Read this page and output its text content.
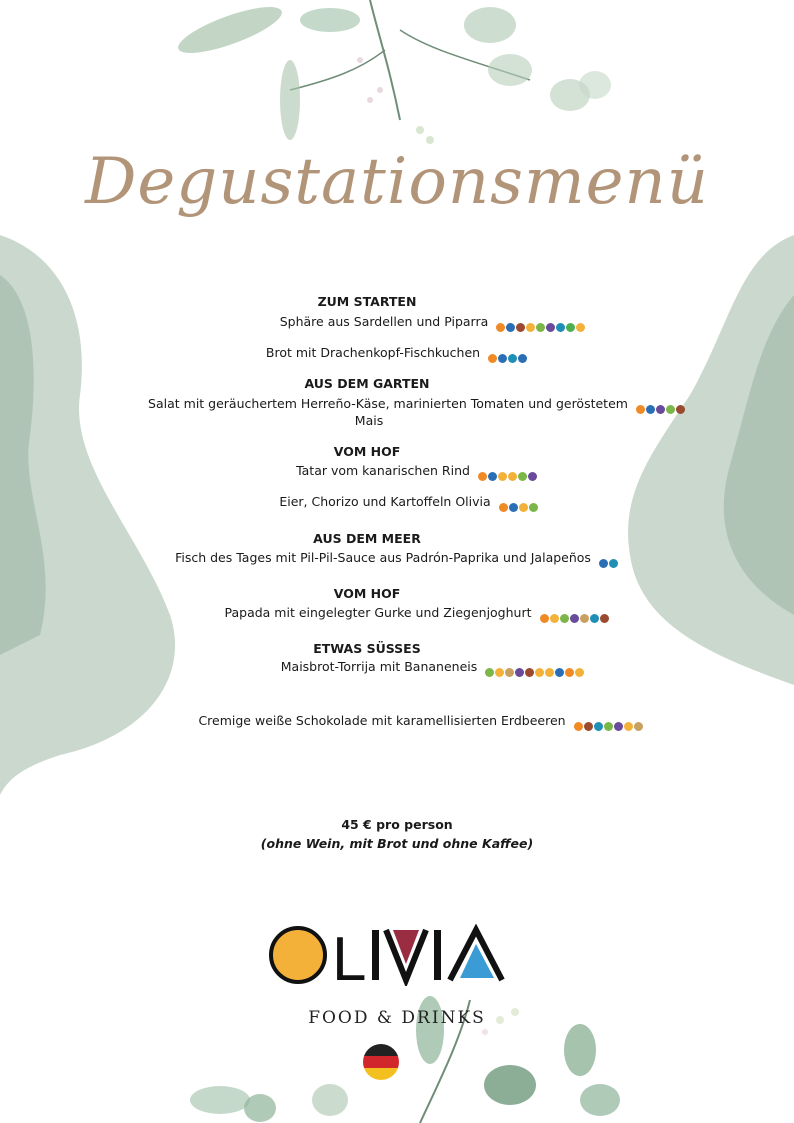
Degustationsmenü
ZUM STARTEN
Sphäre aus Sardellen und Piparra
Brot mit Drachenkopf-Fischkuchen
AUS DEM GARTEN
Salat mit geräuchertem Herreño-Käse, marinierten Tomaten und geröstetem
Mais
VOM HOF
Tatar vom kanarischen Rind
Eier, Chorizo und Kartoffeln Olivia
AUS DEM MEER
Fisch des Tages mit Pil-Pil-Sauce aus Padrón-Paprika und Jalapeños
VOM HOF
Papada mit eingelegter Gurke und Ziegenjoghurt
ETWAS SÜSSES
Maisbrot-Torrija mit Bananeneis
Cremige weiße Schokolade mit karamellisierten Erdbeeren
45 € pro person
(ohne Wein, mit Brot und ohne Kaffee)
L
FOOD & DRINKS
